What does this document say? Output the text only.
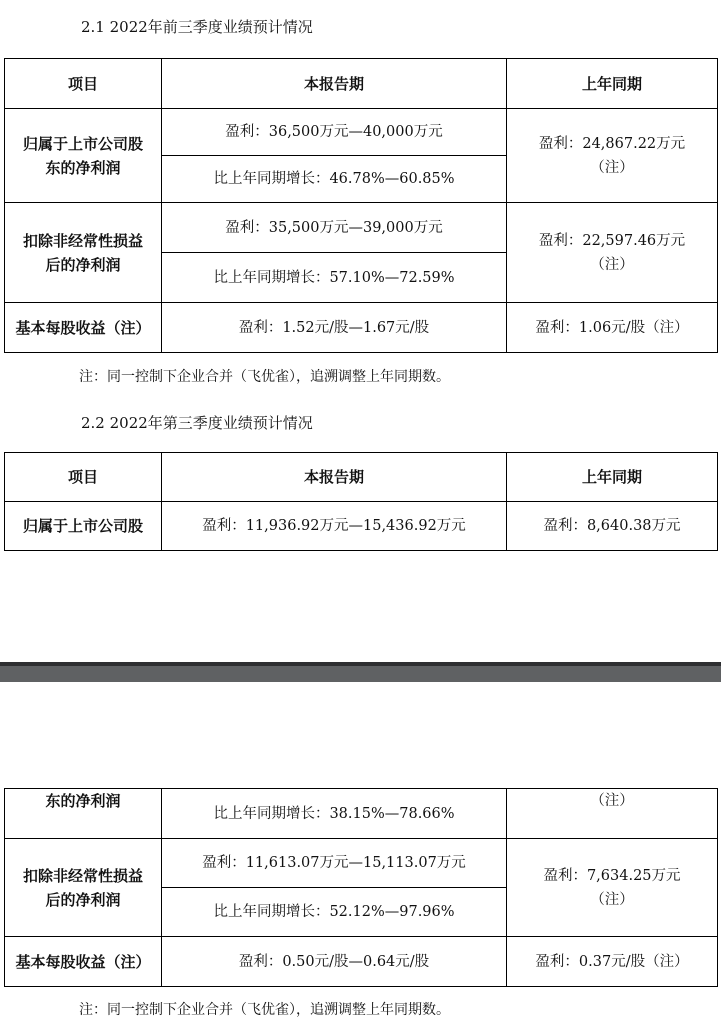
2.1 2022年前三季度业绩预计情况
项目	本报告期	上年同期

归属于上市公司股
东的净利润	盈利：36,500万元—40,000万元	盈利：24,867.22万元
（注）

	比上年同期增长：46.78%—60.85%	

扣除非经常性损益
后的净利润	盈利：35,500万元—39,000万元	盈利：22,597.46万元
（注）

	比上年同期增长：57.10%—72.59%	
基本每股收益（注）	盈利：1.52元/股—1.67元/股	盈利：1.06元/股（注）
注：同一控制下企业合并（飞优雀），追溯调整上年同期数。
2.2 2022年第三季度业绩预计情况
项目	本报告期	上年同期
归属于上市公司股	盈利：11,936.92万元—15,436.92万元	盈利：8,640.38万元
东的净利润	比上年同期增长：38.15%—78.66%	（注）

扣除非经常性损益
后的净利润	盈利：11,613.07万元—15,113.07万元	盈利：7,634.25万元
（注）

	比上年同期增长：52.12%—97.96%	
基本每股收益（注）	盈利：0.50元/股—0.64元/股	盈利：0.37元/股（注）
注：同一控制下企业合并（飞优雀），追溯调整上年同期数。
